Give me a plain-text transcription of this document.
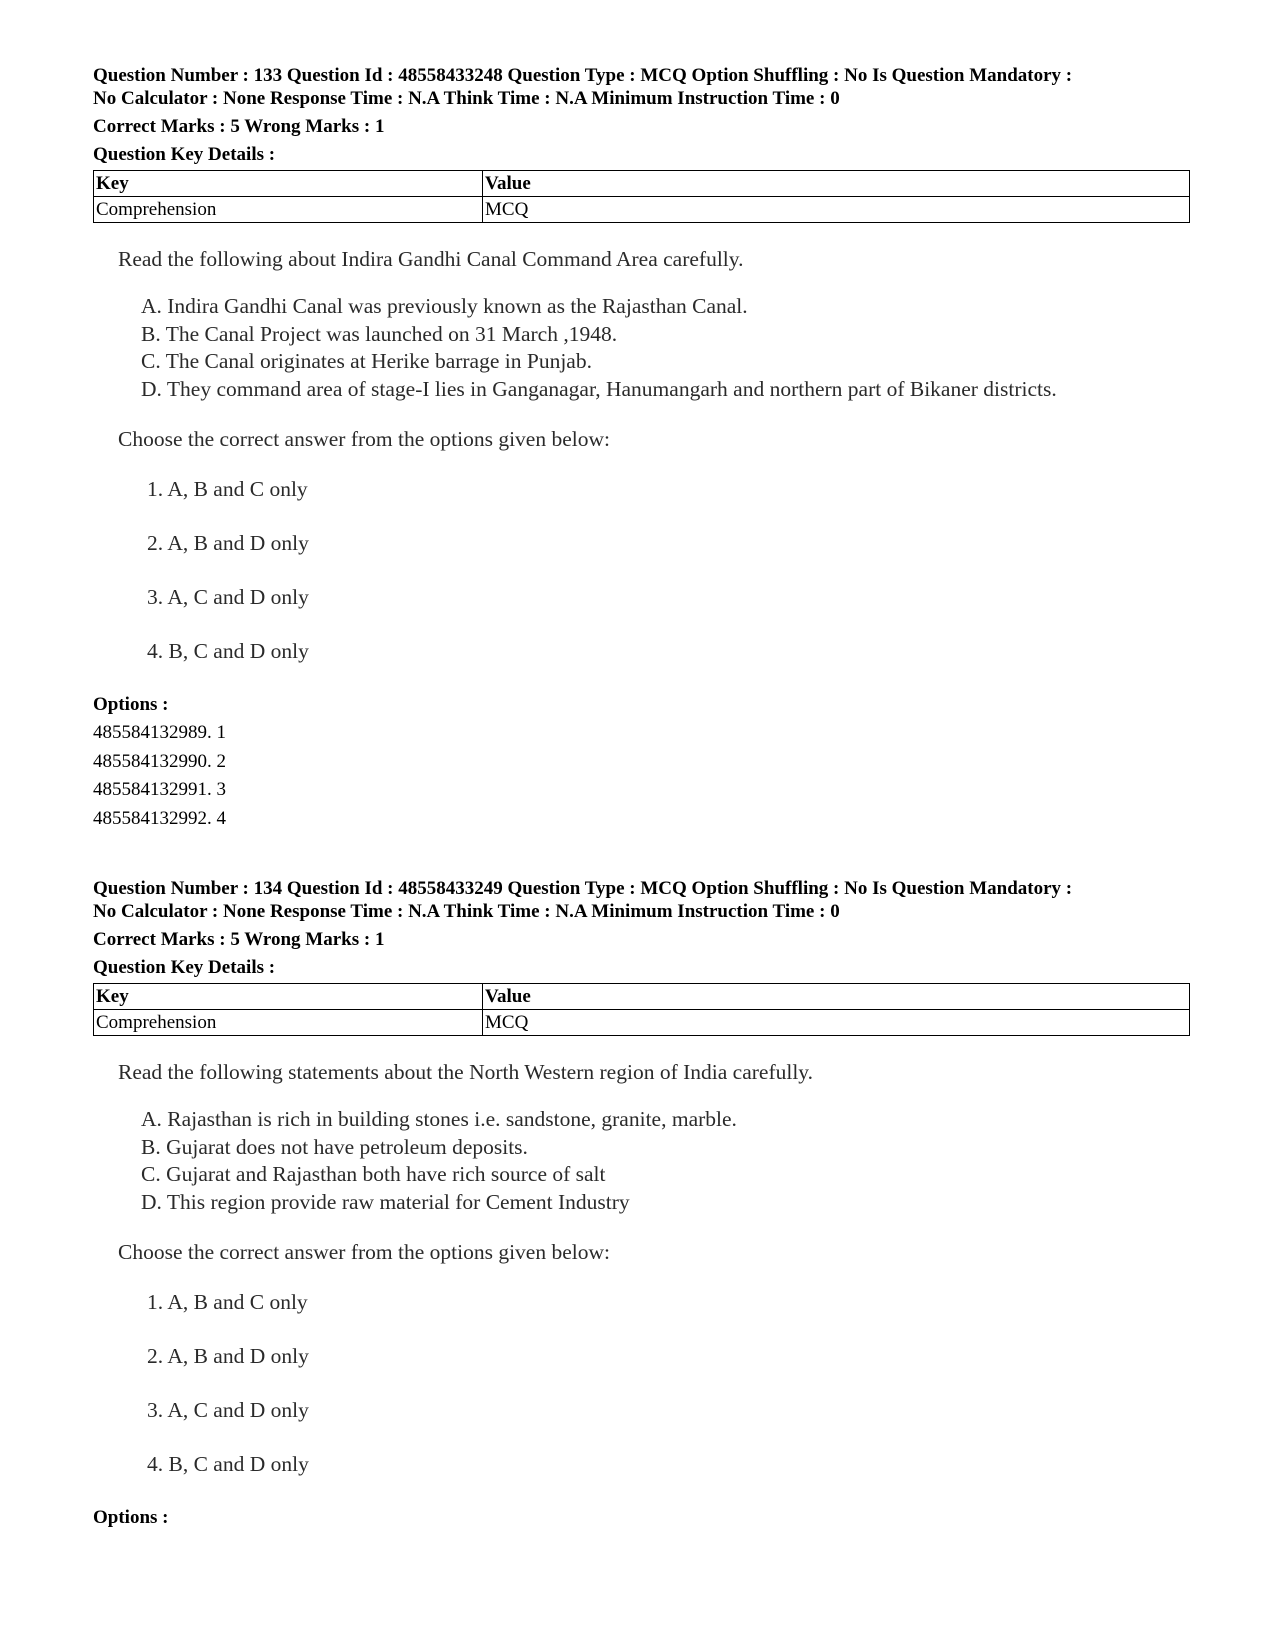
Question Number : 133 Question Id : 48558433248 Question Type : MCQ Option Shuffling : No Is Question Mandatory :

No Calculator : None Response Time : N.A Think Time : N.A Minimum Instruction Time : 0

Correct Marks : 5 Wrong Marks : 1
Question Key Details :
Key	Value
Comprehension	MCQ

Read the following about Indira Gandhi Canal Command Area carefully.

A. Indira Gandhi Canal was previously known as the Rajasthan Canal.
B. The Canal Project was launched on 31 March ,1948.
C. The Canal originates at Herike barrage in Punjab.
D. They command area of stage-I lies in Ganganagar, Hanumangarh and northern part of Bikaner districts.

Choose the correct answer from the options given below:

1. A, B and C only
2. A, B and D only
3. A, C and D only
4. B, C and D only
Options :
485584132989. 1
485584132990. 2
485584132991. 3
485584132992. 4

Question Number : 134 Question Id : 48558433249 Question Type : MCQ Option Shuffling : No Is Question Mandatory :

No Calculator : None Response Time : N.A Think Time : N.A Minimum Instruction Time : 0

Correct Marks : 5 Wrong Marks : 1
Question Key Details :
Key	Value
Comprehension	MCQ

Read the following statements about the North Western region of India carefully.

A. Rajasthan is rich in building stones i.e. sandstone, granite, marble.
B. Gujarat does not have petroleum deposits.
C. Gujarat and Rajasthan both have rich source of salt
D. This region provide raw material for Cement Industry

Choose the correct answer from the options given below:

1. A, B and C only
2. A, B and D only
3. A, C and D only
4. B, C and D only
Options :
